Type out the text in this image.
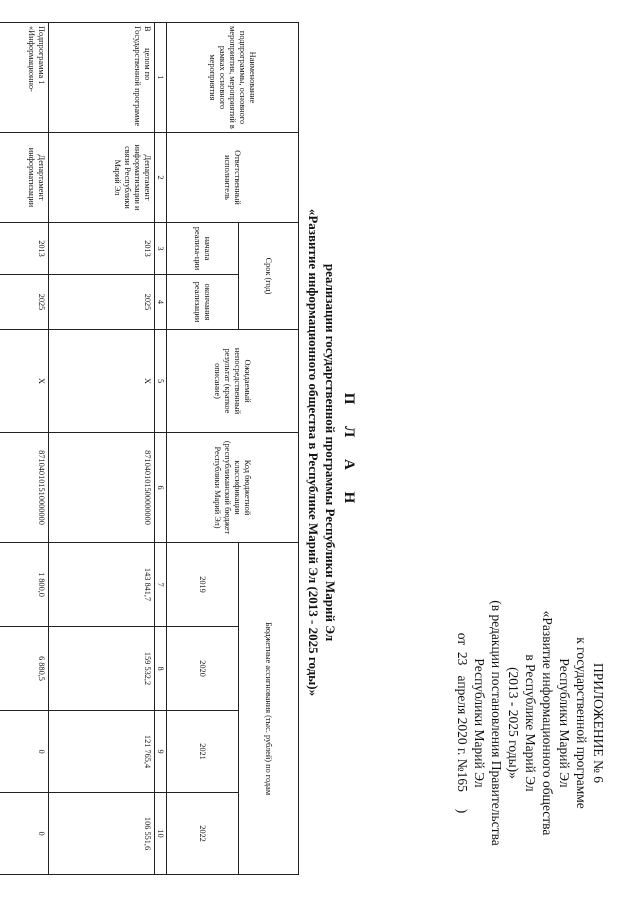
ПРИЛОЖЕНИЕ № 6
к государственной программе
Республики Марий Эл
«Развитие информационного общества
в Республике Марий Эл
(2013 - 2025 годы)»
(в редакции постановления Правительства
Республики Марий Эл
от  23   апреля 2020 г. №165     )
П Л А Н
реализации государственной программы Республики Марий Эл
«Развитие информационного общества в Республике Марий Эл (2013 - 2025 годы)»
Наименование подпрограммы, основного мероприятия, мероприятий в рамках основного мероприятия	Ответственный исполнитель	Срок (год)		Ожидаемый непосредственный результат (краткое описание)	Код бюджетной классификации (республиканский бюджет Республики Марий Эл)	Бюджетные ассигнования (тыс. рублей) по годам			
		начала реализа-ции	окончания реализации			2019	2020	2021	2022
1	2	3	4	5	6	7	8	9	10
В        целом по Государственной программе	Департамент информатизации и связи Республики Марий Эл	2013	2025	Х	871040101500000000	143 841,7	159 532,2	121 765,4	106 551,6
Подпрограмма 1 «Информационно-	Департамент информатизации	2013	2025	Х	871040101510000000	1 800,0	6 880,5	0	0
